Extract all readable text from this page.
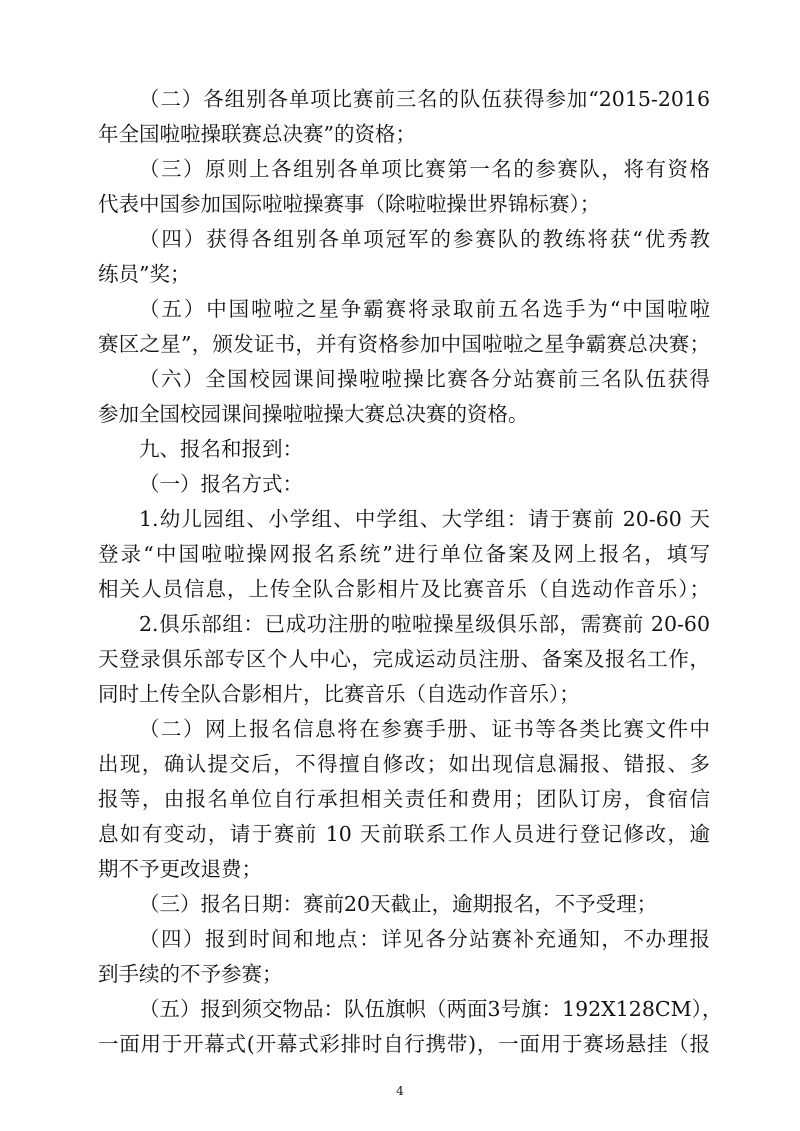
（二）各组别各单项比赛前三名的队伍获得参加“2015-2016
年全国啦啦操联赛总决赛”的资格；
（三）原则上各组别各单项比赛第一名的参赛队，将有资格
代表中国参加国际啦啦操赛事（除啦啦操世界锦标赛）；
（四）获得各组别各单项冠军的参赛队的教练将获“优秀教
练员”奖；
（五）中国啦啦之星争霸赛将录取前五名选手为“中国啦啦
赛区之星”，颁发证书，并有资格参加中国啦啦之星争霸赛总决赛；
（六）全国校园课间操啦啦操比赛各分站赛前三名队伍获得
参加全国校园课间操啦啦操大赛总决赛的资格。
九、报名和报到：
（一）报名方式：
1.幼儿园组、小学组、中学组、大学组：请于赛前 20-60 天
登录“中国啦啦操网报名系统”进行单位备案及网上报名，填写
相关人员信息，上传全队合影相片及比赛音乐（自选动作音乐）；
2.俱乐部组：已成功注册的啦啦操星级俱乐部，需赛前 20-60
天登录俱乐部专区个人中心，完成运动员注册、备案及报名工作，
同时上传全队合影相片，比赛音乐（自选动作音乐）；
（二）网上报名信息将在参赛手册、证书等各类比赛文件中
出现，确认提交后，不得擅自修改；如出现信息漏报、错报、多
报等，由报名单位自行承担相关责任和费用；团队订房，食宿信
息如有变动，请于赛前 10 天前联系工作人员进行登记修改，逾
期不予更改退费；
（三）报名日期：赛前20天截止，逾期报名，不予受理；
（四）报到时间和地点：详见各分站赛补充通知，不办理报
到手续的不予参赛；
（五）报到须交物品：队伍旗帜（两面3号旗：192X128CM），
一面用于开幕式(开幕式彩排时自行携带)，一面用于赛场悬挂（报
4
